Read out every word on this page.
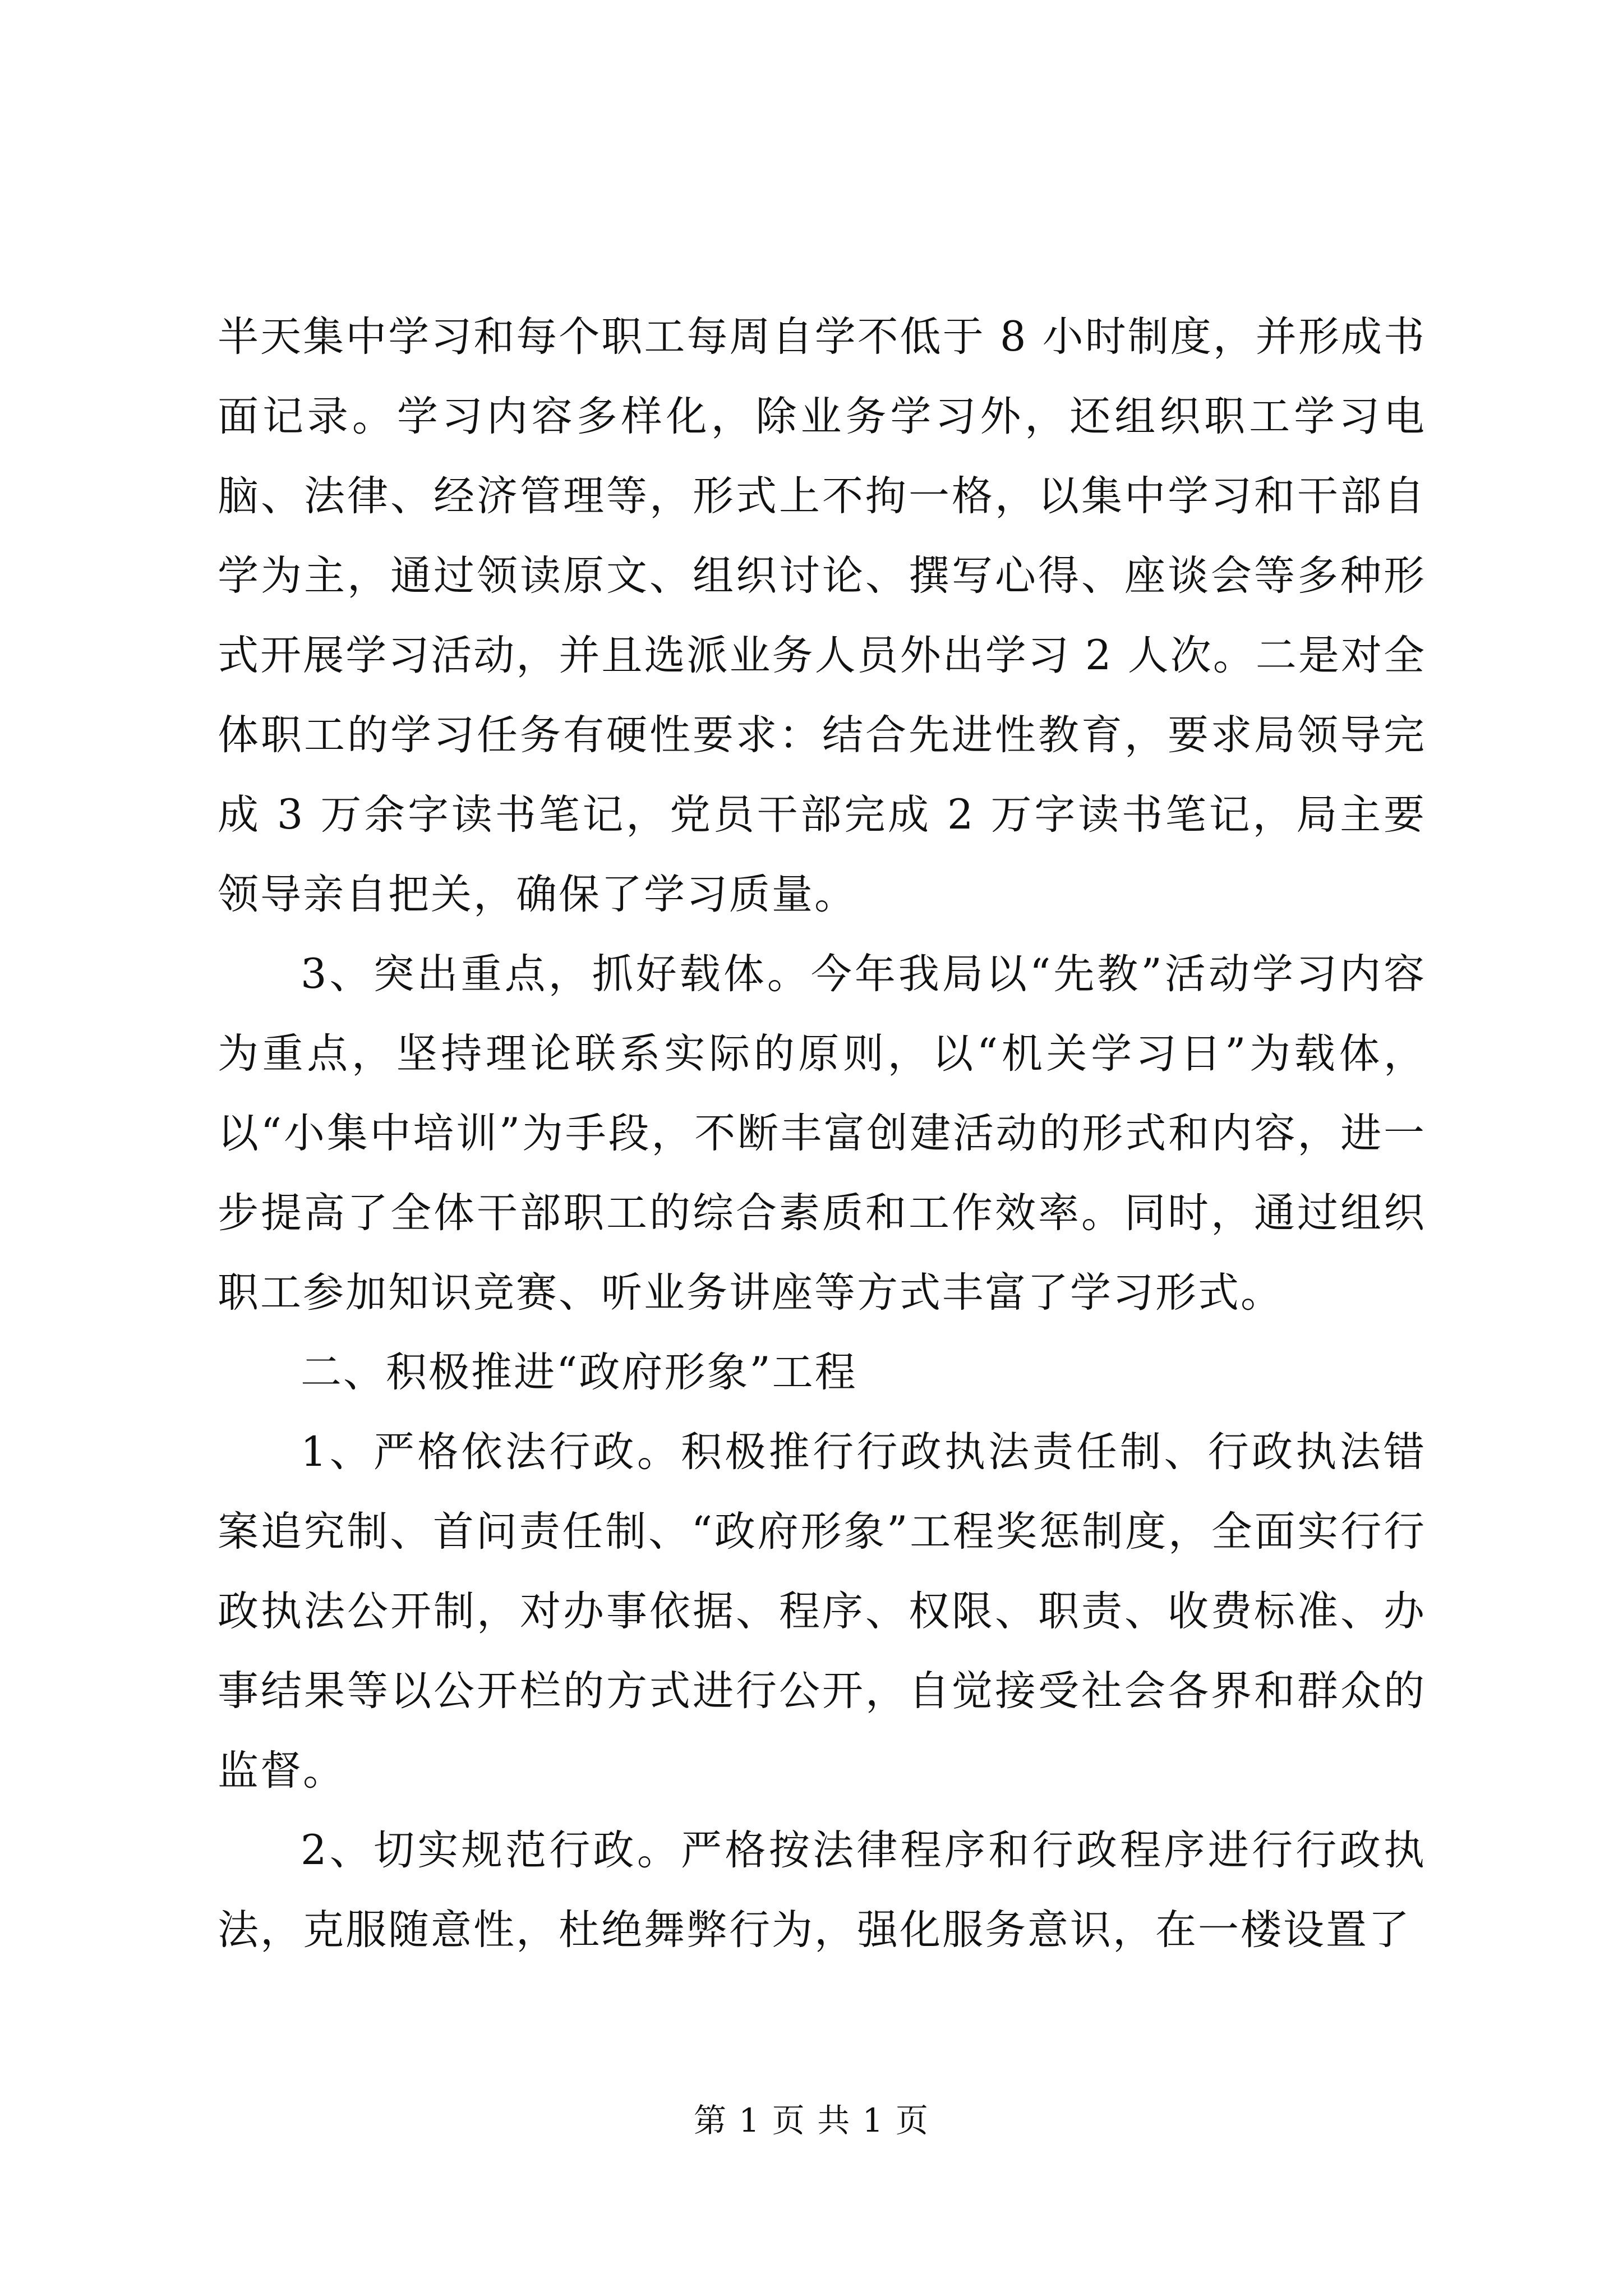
半天集中学习和每个职工每周自学不低于 8 小时制度，并形成书面记录。学习内容多样化，除业务学习外，还组织职工学习电脑、法律、经济管理等，形式上不拘一格，以集中学习和干部自学为主，通过领读原文、组织讨论、撰写心得、座谈会等多种形式开展学习活动，并且选派业务人员外出学习 2 人次。二是对全体职工的学习任务有硬性要求：结合先进性教育，要求局领导完成 3 万余字读书笔记，党员干部完成 2 万字读书笔记，局主要领导亲自把关，确保了学习质量。

3、突出重点，抓好载体。今年我局以“先教”活动学习内容为重点，坚持理论联系实际的原则，以“机关学习日”为载体，以“小集中培训”为手段，不断丰富创建活动的形式和内容，进一步提高了全体干部职工的综合素质和工作效率。同时，通过组织职工参加知识竞赛、听业务讲座等方式丰富了学习形式。

二、积极推进“政府形象”工程

1、严格依法行政。积极推行行政执法责任制、行政执法错案追究制、首问责任制、“政府形象”工程奖惩制度，全面实行行政执法公开制，对办事依据、程序、权限、职责、收费标准、办事结果等以公开栏的方式进行公开，自觉接受社会各界和群众的监督。

2、切实规范行政。严格按法律程序和行政程序进行行政执法，克服随意性，杜绝舞弊行为，强化服务意识，在一楼设置了

第 1 页 共 1 页
